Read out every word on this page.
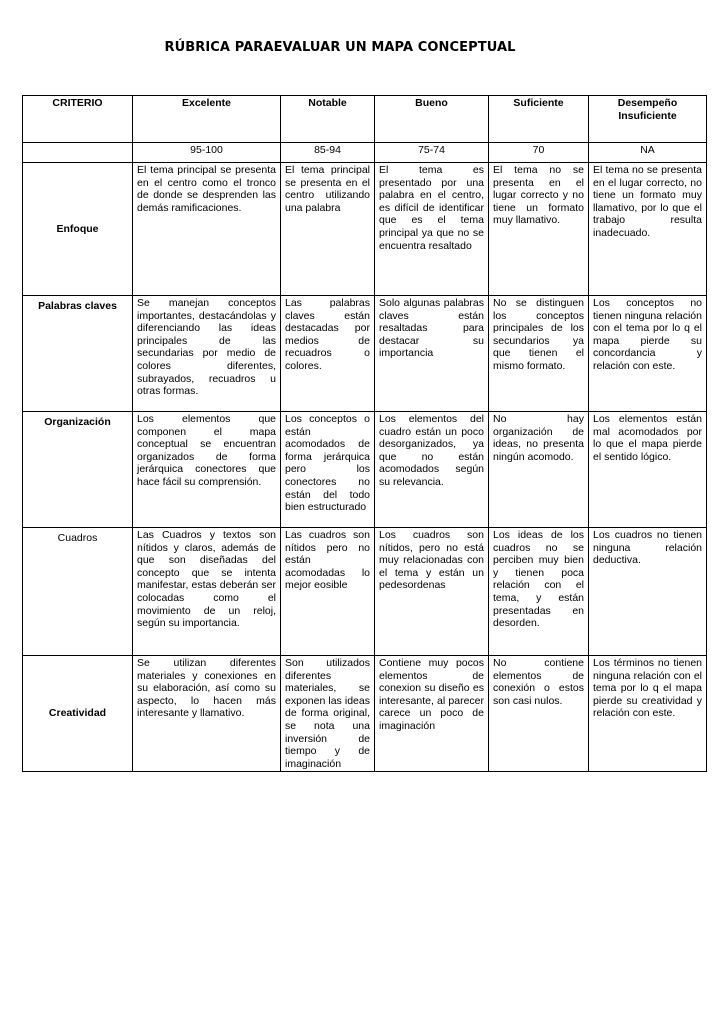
RÚBRICA PARAEVALUAR UN MAPA CONCEPTUAL
CRITERIO	Excelente	Notable	Bueno	Suficiente	Desempeño Insuficiente
	95-100	85-94	75-74	70	NA
Enfoque	El tema principal se presenta en el centro como el tronco de donde se desprenden las demás ramificaciones.	El tema principal se presenta en el centro utilizando una palabra	El tema es presentado por una palabra en el centro, es difícil de identificar que es el tema principal ya que no se encuentra resaltado	El tema no se presenta en el lugar correcto y no tiene un formato muy llamativo.	El tema no se presenta en el lugar correcto, no tiene un formato muy llamativo, por lo que el trabajo resulta inadecuado.
Palabras claves	Se manejan conceptos importantes, destacándolas y diferenciando las ideas principales de las secundarias por medio de colores diferentes, subrayados, recuadros u otras formas.	Las palabras claves están destacadas por medios de recuadros o colores.	Solo algunas palabras claves están resaltadas para destacar su importancia	No se distinguen los conceptos principales de los secundarios ya que tienen el mismo formato.	Los conceptos no tienen ninguna relación con el tema por lo q el mapa pierde su concordancia y relación con este.
Organización	Los elementos que componen el mapa conceptual se encuentran organizados de forma jerárquica conectores que hace fácil su comprensión.	Los conceptos o están acomodados de forma jerárquica pero los conectores no están del todo bien estructurado	Los elementos del cuadro están un poco desorganizados, ya que no están acomodados según su relevancia.	No hay organización de ideas, no presenta ningún acomodo.	Los elementos están mal acomodados por lo que el mapa pierde el sentido lógico.
Cuadros	Las Cuadros y textos son nítidos y claros, además de que son diseñadas del concepto que se intenta manifestar, estas deberán ser colocadas como el movimiento de un reloj, según su importancia.	Las cuadros son nítidos pero no están acomodadas lo mejor eosible	Los cuadros son nítidos, pero no está muy relacionadas con el tema y están un pedesordenas	Los ideas de los cuadros no se perciben muy bien y tienen poca relación con el tema, y están presentadas en desorden.	Los cuadros no tienen ninguna relación deductiva.
Creatividad	Se utilizan diferentes materiales y conexiones en su elaboración, así como su aspecto, lo hacen más interesante y llamativo.	Son utilizados diferentes materiales, se exponen las ideas de forma original, se nota una inversión de tiempo y de imaginación	Contiene muy pocos elementos de conexion su diseño es interesante, al parecer carece un poco de imaginación	No contiene elementos de conexión o estos son casi nulos.	Los términos no tienen ninguna relación con el tema por lo q el mapa pierde su creatividad y relación con este.
